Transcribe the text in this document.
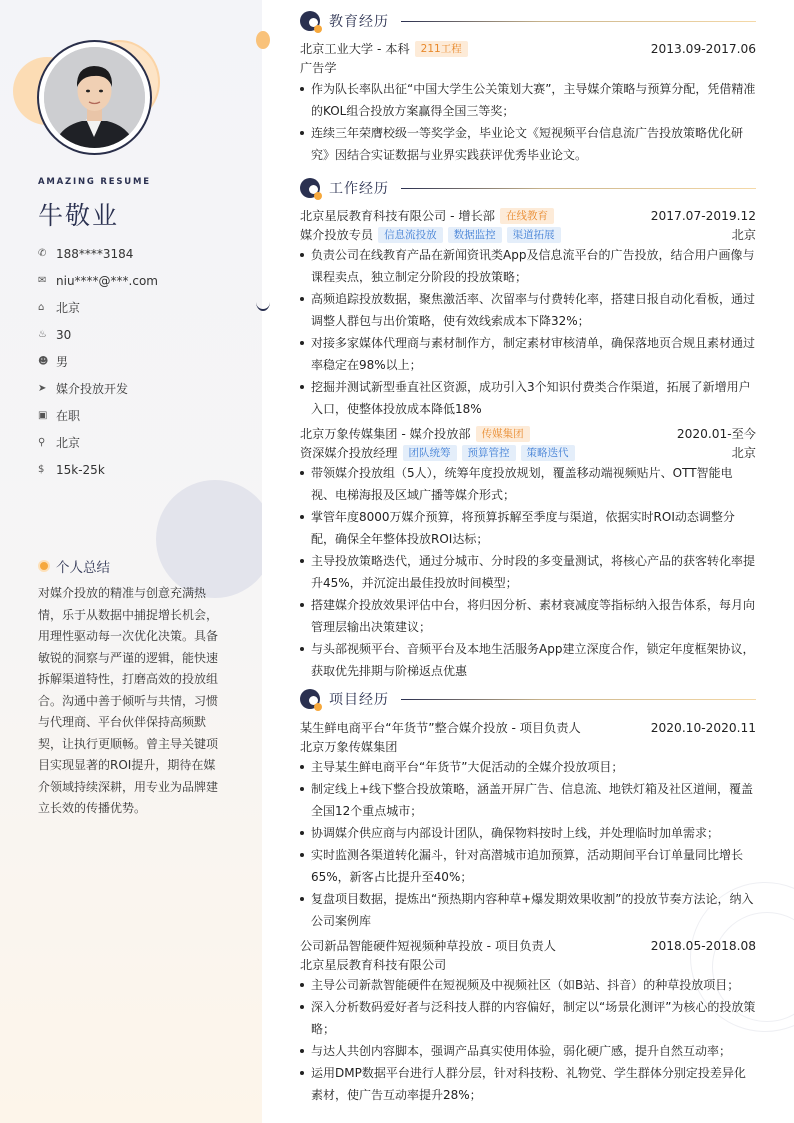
AMAZING RESUME
牛敬业
✆ 188****3184
✉ niu****@***.com
⌂ 北京
♨ 30
☻ 男
➤ 媒介投放开发
▣ 在职
⚲ 北京
$ 15k-25k
个人总结
对媒介投放的精准与创意充满热情，乐于从数据中捕捉增长机会，用理性驱动每一次优化决策。具备敏锐的洞察与严谨的逻辑，能快速拆解渠道特性，打磨高效的投放组合。沟通中善于倾听与共情，习惯与代理商、平台伙伴保持高频默契，让执行更顺畅。曾主导关键项目实现显著的ROI提升，期待在媒介领域持续深耕，用专业为品牌建立长效的传播优势。
教育经历
北京工业大学 - 本科	211工程	2013.09-2017.06
广告学
作为队长率队出征“中国大学生公关策划大赛”，主导媒介策略与预算分配，凭借精准的KOL组合投放方案赢得全国三等奖；
连续三年荣膺校级一等奖学金，毕业论文《短视频平台信息流广告投放策略优化研究》因结合实证数据与业界实践获评优秀毕业论文。
工作经历
北京星辰教育科技有限公司 - 增长部	在线教育	2017.07-2019.12
媒介投放专员	信息流投放	数据监控	渠道拓展	北京
负责公司在线教育产品在新闻资讯类App及信息流平台的广告投放，结合用户画像与课程卖点，独立制定分阶段的投放策略；
高频追踪投放数据，聚焦激活率、次留率与付费转化率，搭建日报自动化看板，通过调整人群包与出价策略，使有效线索成本下降32%；
对接多家媒体代理商与素材制作方，制定素材审核清单，确保落地页合规且素材通过率稳定在98%以上；
挖掘并测试新型垂直社区资源，成功引入3个知识付费类合作渠道，拓展了新增用户入口，使整体投放成本降低18%
北京万象传媒集团 - 媒介投放部	传媒集团	2020.01-至今
资深媒介投放经理	团队统筹	预算管控	策略迭代	北京
带领媒介投放组（5人），统筹年度投放规划，覆盖移动端视频贴片、OTT智能电视、电梯海报及区域广播等媒介形式；
掌管年度8000万媒介预算，将预算拆解至季度与渠道，依据实时ROI动态调整分配，确保全年整体投放ROI达标；
主导投放策略迭代，通过分城市、分时段的多变量测试，将核心产品的获客转化率提升45%，并沉淀出最佳投放时间模型；
搭建媒介投放效果评估中台，将归因分析、素材衰减度等指标纳入报告体系，每月向管理层输出决策建议；
与头部视频平台、音频平台及本地生活服务App建立深度合作，锁定年度框架协议，获取优先排期与阶梯返点优惠
项目经历
某生鲜电商平台“年货节”整合媒介投放 - 项目负责人	2020.10-2020.11
北京万象传媒集团
主导某生鲜电商平台“年货节”大促活动的全媒介投放项目；
制定线上+线下整合投放策略，涵盖开屏广告、信息流、地铁灯箱及社区道闸，覆盖全国12个重点城市；
协调媒介供应商与内部设计团队，确保物料按时上线，并处理临时加单需求；
实时监测各渠道转化漏斗，针对高潜城市追加预算，活动期间平台订单量同比增长65%，新客占比提升至40%；
复盘项目数据，提炼出“预热期内容种草+爆发期效果收割”的投放节奏方法论，纳入公司案例库
公司新品智能硬件短视频种草投放 - 项目负责人	2018.05-2018.08
北京星辰教育科技有限公司
主导公司新款智能硬件在短视频及中视频社区（如B站、抖音）的种草投放项目；
深入分析数码爱好者与泛科技人群的内容偏好，制定以“场景化测评”为核心的投放策略；
与达人共创内容脚本，强调产品真实使用体验，弱化硬广感，提升自然互动率；
运用DMP数据平台进行人群分层，针对科技粉、礼物党、学生群体分别定投差异化素材，使广告互动率提升28%；
